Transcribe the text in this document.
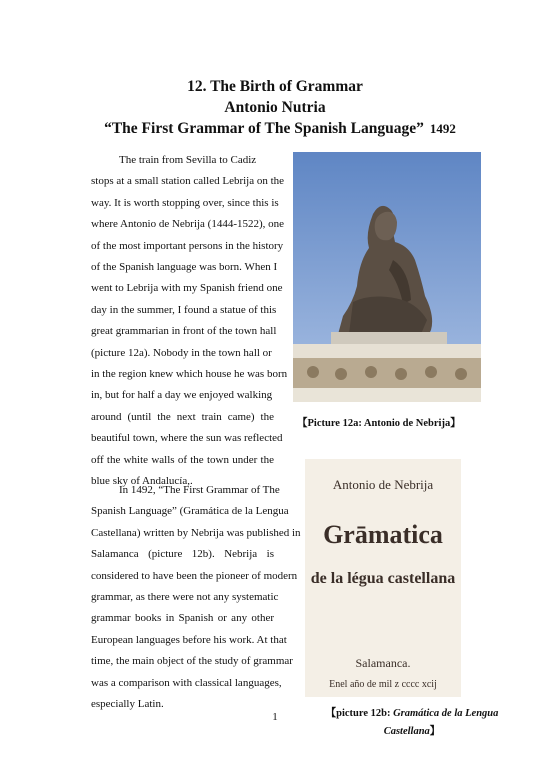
12. The Birth of Grammar
Antonio Nutria
“The First Grammar of The Spanish Language” 1492
The train from Sevilla to Cadiz
stops at a small station called Lebrija on the
way. It is worth stopping over, since this is
where Antonio de Nebrija (1444-1522), one
of the most important persons in the history
of the Spanish language was born. When I
went to Lebrija with my Spanish friend one
day in the summer, I found a statue of this
great grammarian in front of the town hall
(picture 12a). Nobody in the town hall or
in the region knew which house he was born
in, but for half a day we enjoyed walking
around (until the next train came) the
beautiful town, where the sun was reflected
off the white walls of the town under the
blue sky of Andalucía,.
In 1492, “The First Grammar of The
Spanish Language” (Gramática de la Lengua
Castellana) written by Nebrija was published in
Salamanca (picture 12b). Nebrija is
considered to have been the pioneer of modern
grammar, as there were not any systematic
grammar books in Spanish or any other
European languages before his work. At that
time, the main object of the study of grammar
was a comparison with classical languages,
especially Latin.
【Picture 12a: Antonio de Nebrija】
Antonio de Nebrija
Grāmatica
de la légua castellana
Salamanca.
Enel año de mil z cccc xcij
【picture 12b: Gramática de la Lengua Castellana】
1
